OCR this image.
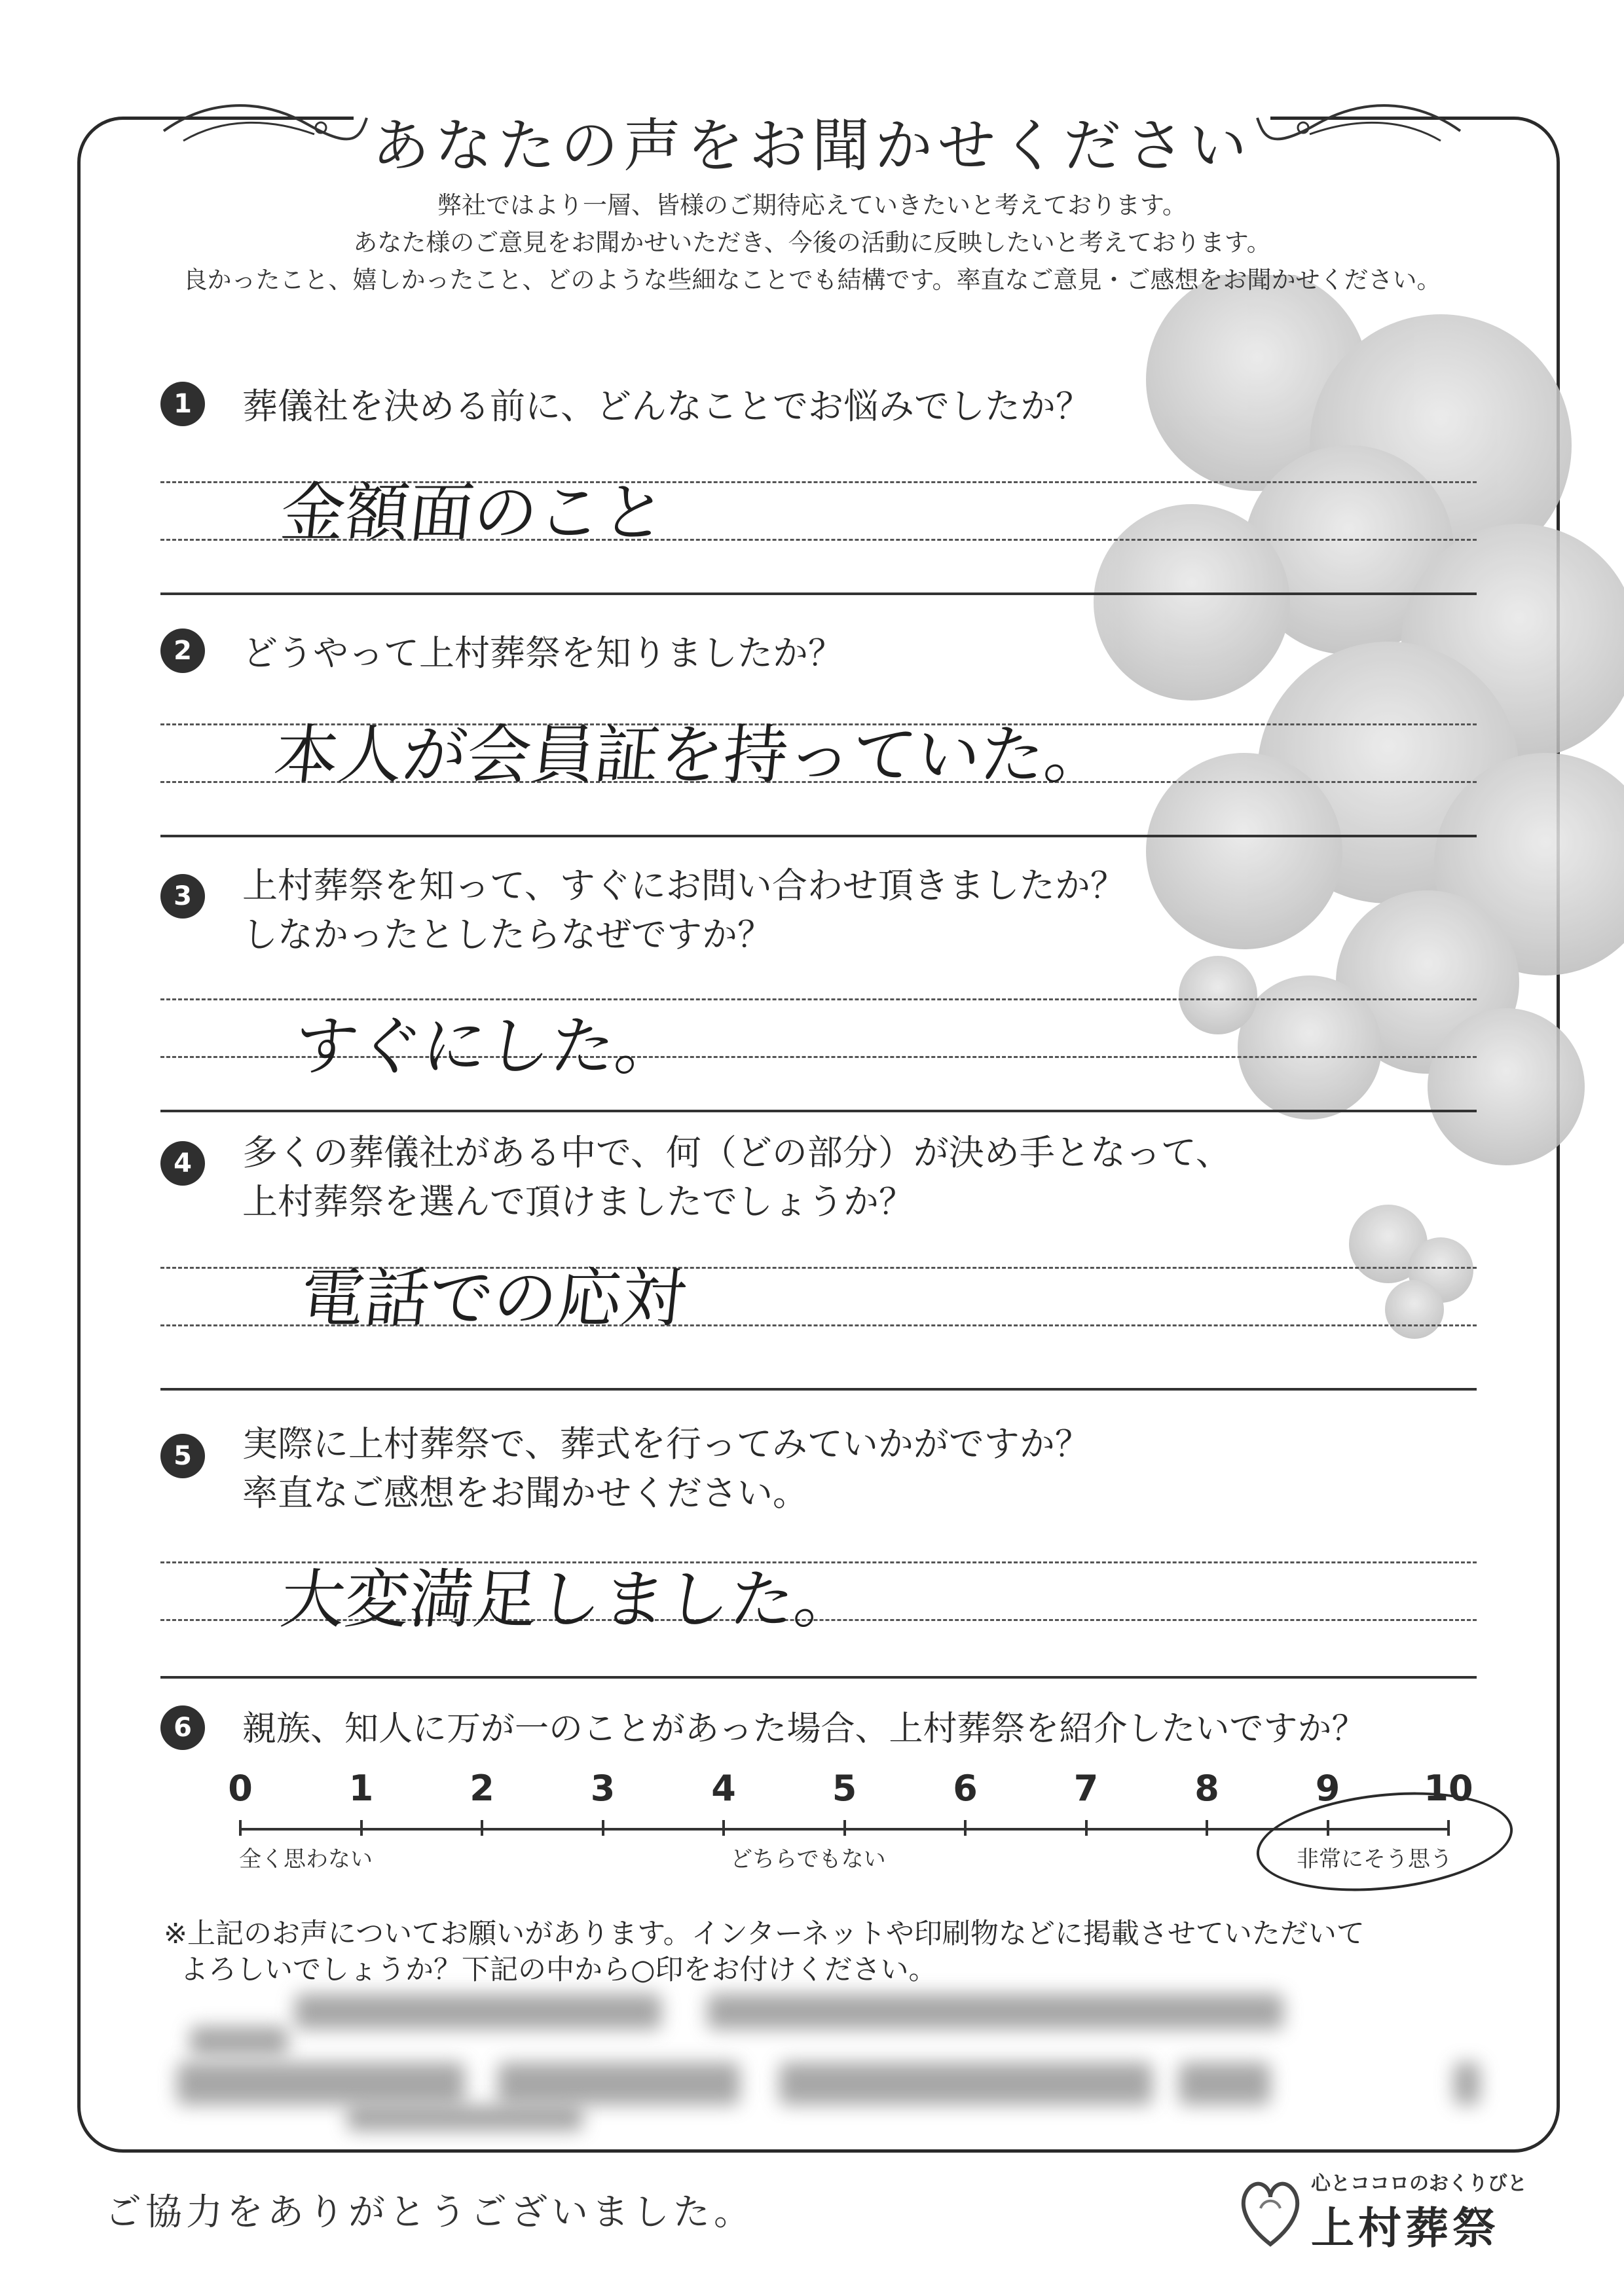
あなたの声をお聞かせください
弊社ではより一層、皆様のご期待応えていきたいと考えております。
あなた様のご意見をお聞かせいただき、今後の活動に反映したいと考えております。
良かったこと、嬉しかったこと、どのような些細なことでも結構です。率直なご意見・ご感想をお聞かせください。
1	葬儀社を決める前に、どんなことでお悩みでしたか？
金額面のこと
2	どうやって上村葬祭を知りましたか？
本人が会員証を持っていた。
3	上村葬祭を知って、すぐにお問い合わせ頂きましたか？
しなかったとしたらなぜですか？
すぐにした。
4	多くの葬儀社がある中で、何（どの部分）が決め手となって、
上村葬祭を選んで頂けましたでしょうか？
電話での応対
5	実際に上村葬祭で、葬式を行ってみていかがですか？
率直なご感想をお聞かせください。
大変満足しました。
6	親族、知人に万が一のことがあった場合、上村葬祭を紹介したいですか？
0	1	2	3	4	5	6	7	8	9	10
全く思わない	どちらでもない	非常にそう思う
※上記のお声についてお願いがあります。インターネットや印刷物などに掲載させていただいて
よろしいでしょうか？下記の中から○印をお付けください。
ご協力をありがとうございました。
心とココロのおくりびと
上村葬祭
